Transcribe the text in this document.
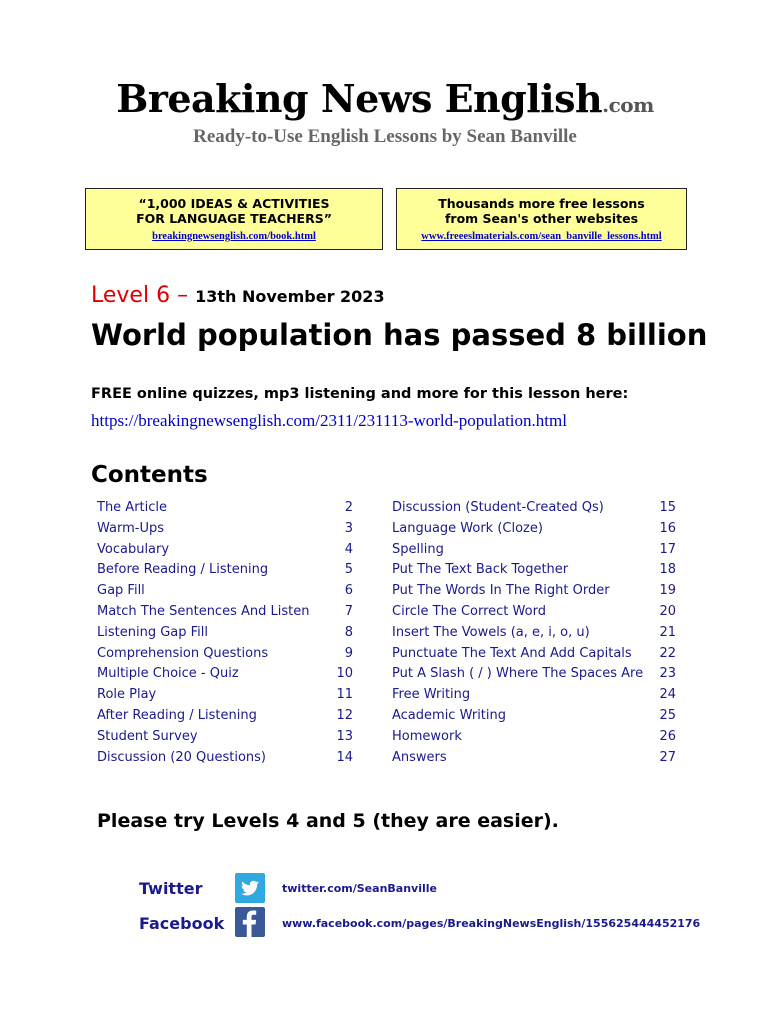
Breaking News English.com
Ready-to-Use English Lessons by Sean Banville
“1,000 IDEAS & ACTIVITIES
FOR LANGUAGE TEACHERS”
breakingnewsenglish.com/book.html
Thousands more free lessons
from Sean's other websites
www.freeeslmaterials.com/sean_banville_lessons.html
Level 6 – 13th November 2023
World population has passed 8 billion
FREE online quizzes, mp3 listening and more for this lesson here:
https://breakingnewsenglish.com/2311/231113-world-population.html
Contents
The Article	2
Warm-Ups	3
Vocabulary	4
Before Reading / Listening	5
Gap Fill	6
Match The Sentences And Listen	7
Listening Gap Fill	8
Comprehension Questions	9
Multiple Choice - Quiz	10
Role Play	11
After Reading / Listening	12
Student Survey	13
Discussion (20 Questions)	14
Discussion (Student-Created Qs)	15
Language Work (Cloze)	16
Spelling	17
Put The Text Back Together	18
Put The Words In The Right Order	19
Circle The Correct Word	20
Insert The Vowels (a, e, i, o, u)	21
Punctuate The Text And Add Capitals	22
Put A Slash ( / ) Where The Spaces Are	23
Free Writing	24
Academic Writing	25
Homework	26
Answers	27
Please try Levels 4 and 5 (they are easier).
Twitter	twitter.com/SeanBanville
Facebook	www.facebook.com/pages/BreakingNewsEnglish/155625444452176
